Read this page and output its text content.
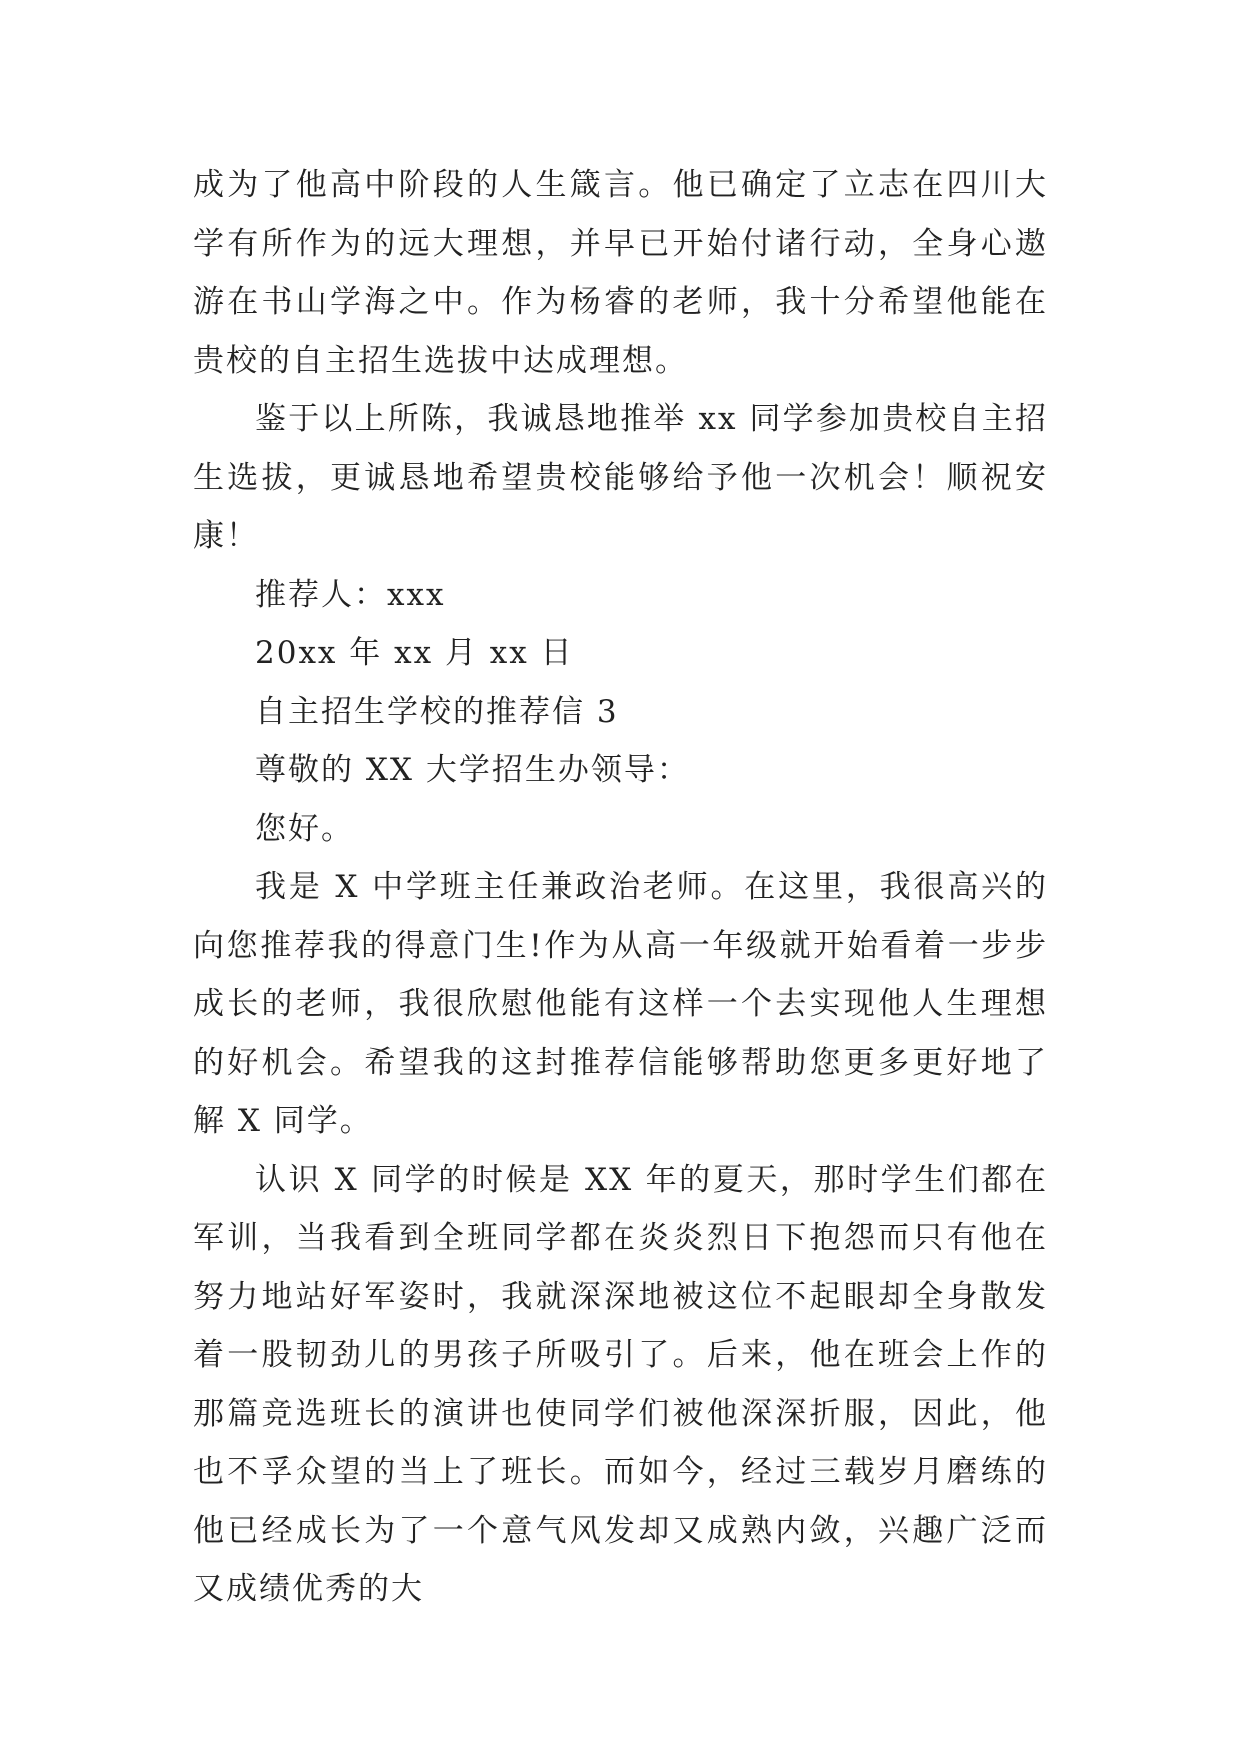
成为了他高中阶段的人生箴言。他已确定了立志在四川大学有所作为的远大理想，并早已开始付诸行动，全身心遨游在书山学海之中。作为杨睿的老师，我十分希望他能在贵校的自主招生选拔中达成理想。

鉴于以上所陈，我诚恳地推举 xx 同学参加贵校自主招生选拔，更诚恳地希望贵校能够给予他一次机会！顺祝安康！

推荐人：xxx

20xx 年 xx 月 xx 日

自主招生学校的推荐信 3

尊敬的 XX 大学招生办领导：

您好。

我是 X 中学班主任兼政治老师。在这里，我很高兴的向您推荐我的得意门生!作为从高一年级就开始看着一步步成长的老师，我很欣慰他能有这样一个去实现他人生理想的好机会。希望我的这封推荐信能够帮助您更多更好地了解 X 同学。

认识 X 同学的时候是 XX 年的夏天，那时学生们都在军训，当我看到全班同学都在炎炎烈日下抱怨而只有他在努力地站好军姿时，我就深深地被这位不起眼却全身散发着一股韧劲儿的男孩子所吸引了。后来，他在班会上作的那篇竞选班长的演讲也使同学们被他深深折服，因此，他也不孚众望的当上了班长。而如今，经过三载岁月磨练的他已经成长为了一个意气风发却又成熟内敛，兴趣广泛而又成绩优秀的大
